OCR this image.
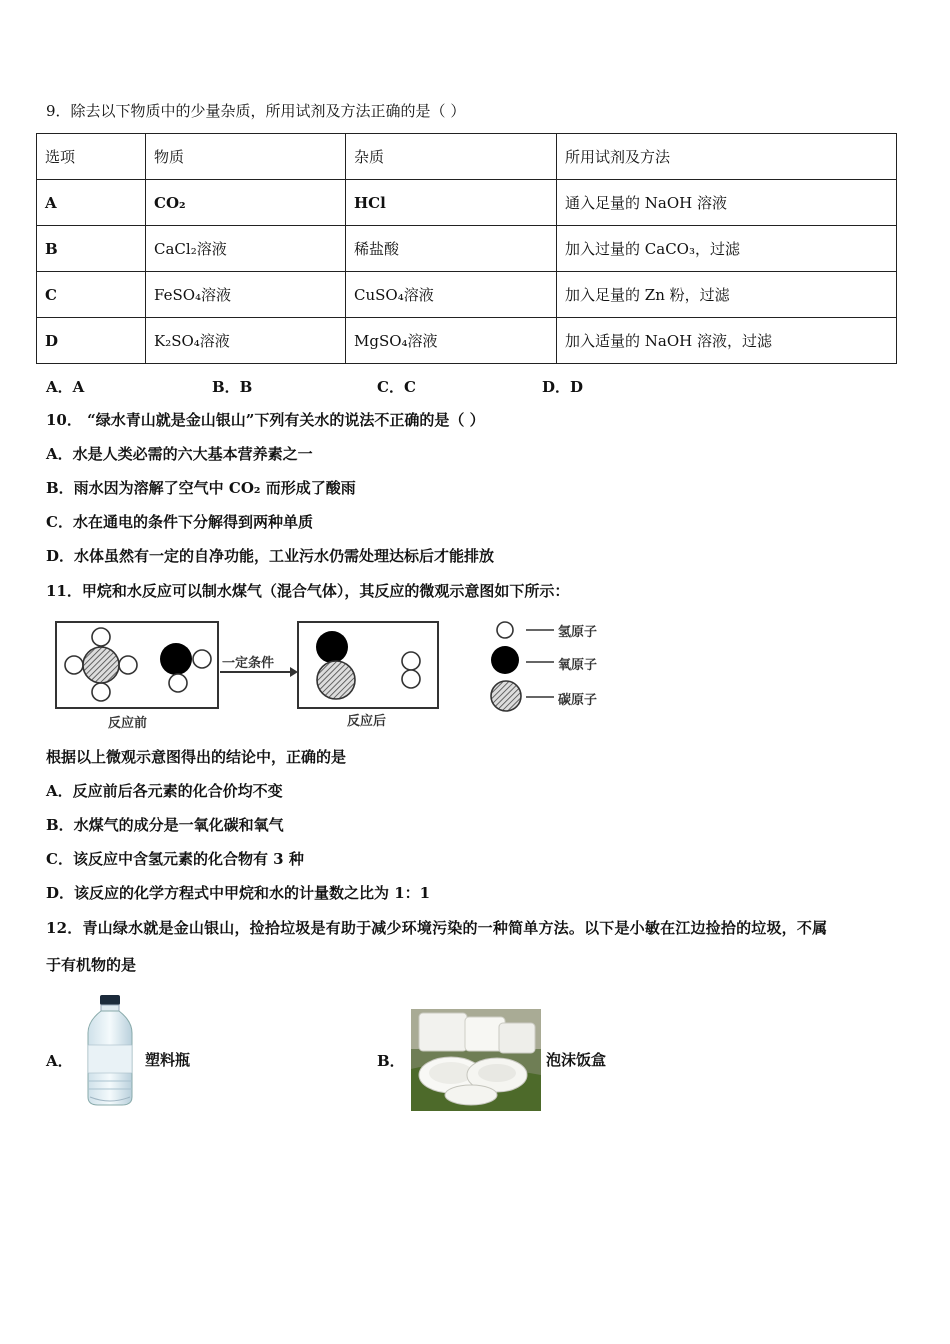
9．除去以下物质中的少量杂质，所用试剂及方法正确的是（ ）
选项	物质	杂质	所用试剂及方法
A	CO₂	HCl	通入足量的 NaOH 溶液
B	CaCl₂溶液	稀盐酸	加入过量的 CaCO₃，过滤
C	FeSO₄溶液	CuSO₄溶液	加入足量的 Zn 粉，过滤
D	K₂SO₄溶液	MgSO₄溶液	加入适量的 NaOH 溶液，过滤
A．A	B．B	C．C	D．D
10． “绿水青山就是金山银山”下列有关水的说法不正确的是（ ）
A．水是人类必需的六大基本营养素之一
B．雨水因为溶解了空气中 CO₂ 而形成了酸雨
C．水在通电的条件下分解得到两种单质
D．水体虽然有一定的自净功能，工业污水仍需处理达标后才能排放
11．甲烷和水反应可以制水煤气（混合气体），其反应的微观示意图如下所示：
一定条件
反应前	反应后
氢原子
氧原子
碳原子
根据以上微观示意图得出的结论中，正确的是
A．反应前后各元素的化合价均不变
B．水煤气的成分是一氧化碳和氧气
C．该反应中含氢元素的化合物有 3 种
D．该反应的化学方程式中甲烷和水的计量数之比为 1：1
12．青山绿水就是金山银山，捡拾垃圾是有助于减少环境污染的一种简单方法。以下是小敏在江边捡拾的垃圾，不属
于有机物的是
A．	塑料瓶	B．	泡沫饭盒
